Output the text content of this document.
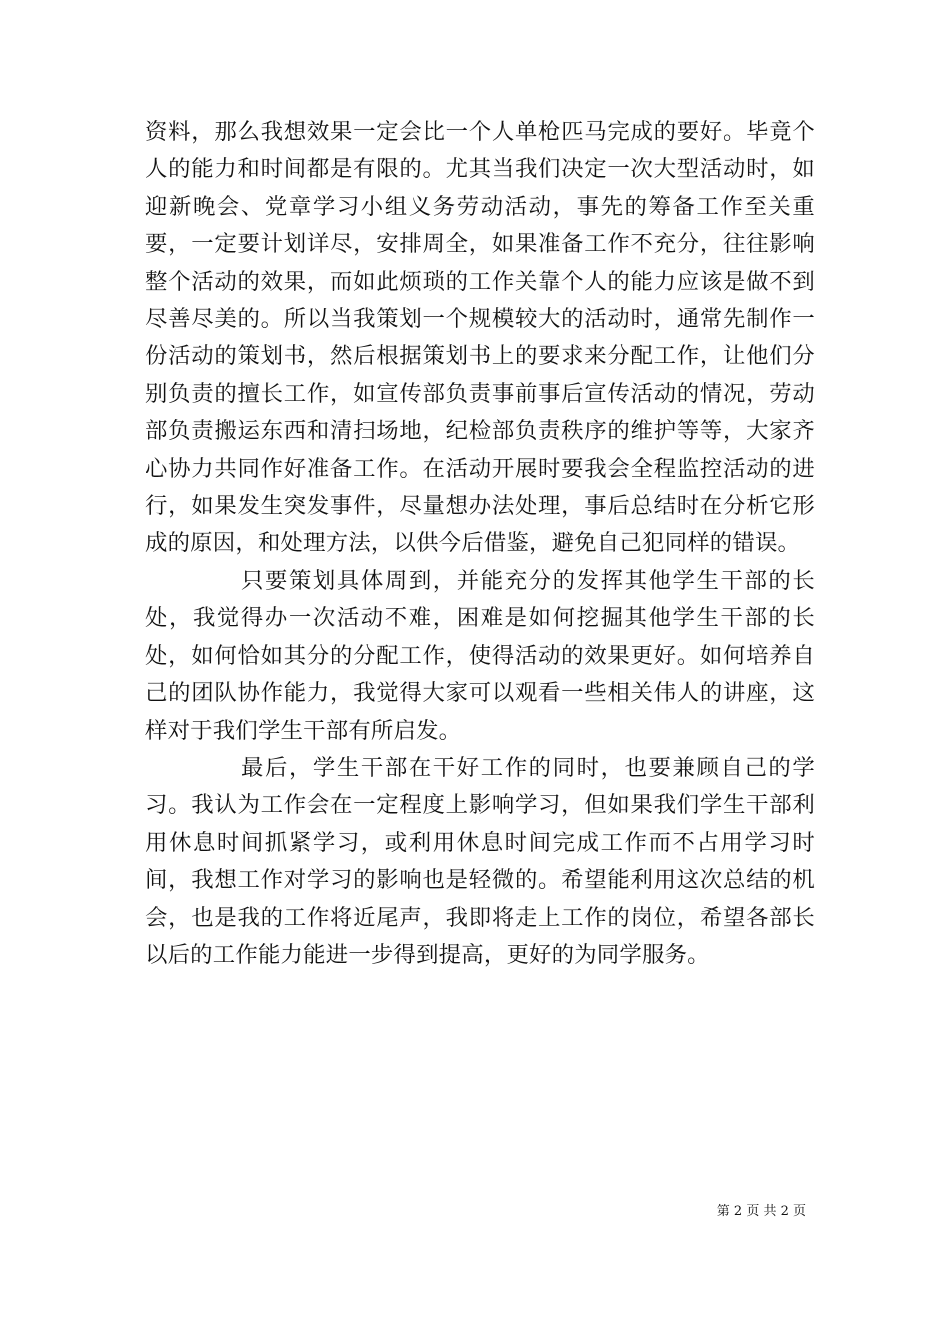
资料，那么我想效果一定会比一个人单枪匹马完成的要好。毕竟个人的能力和时间都是有限的。尤其当我们决定一次大型活动时，如迎新晚会、党章学习小组义务劳动活动，事先的筹备工作至关重要，一定要计划详尽，安排周全，如果准备工作不充分，往往影响整个活动的效果，而如此烦琐的工作关靠个人的能力应该是做不到尽善尽美的。所以当我策划一个规模较大的活动时，通常先制作一份活动的策划书，然后根据策划书上的要求来分配工作，让他们分别负责的擅长工作，如宣传部负责事前事后宣传活动的情况，劳动部负责搬运东西和清扫场地，纪检部负责秩序的维护等等，大家齐心协力共同作好准备工作。在活动开展时要我会全程监控活动的进行，如果发生突发事件，尽量想办法处理，事后总结时在分析它形成的原因，和处理方法，以供今后借鉴，避免自己犯同样的错误。

只要策划具体周到，并能充分的发挥其他学生干部的长处，我觉得办一次活动不难，困难是如何挖掘其他学生干部的长处，如何恰如其分的分配工作，使得活动的效果更好。如何培养自己的团队协作能力，我觉得大家可以观看一些相关伟人的讲座，这样对于我们学生干部有所启发。

最后，学生干部在干好工作的同时，也要兼顾自己的学习。我认为工作会在一定程度上影响学习，但如果我们学生干部利用休息时间抓紧学习，或利用休息时间完成工作而不占用学习时间，我想工作对学习的影响也是轻微的。希望能利用这次总结的机会，也是我的工作将近尾声，我即将走上工作的岗位，希望各部长以后的工作能力能进一步得到提高，更好的为同学服务。

第 2 页 共 2 页
